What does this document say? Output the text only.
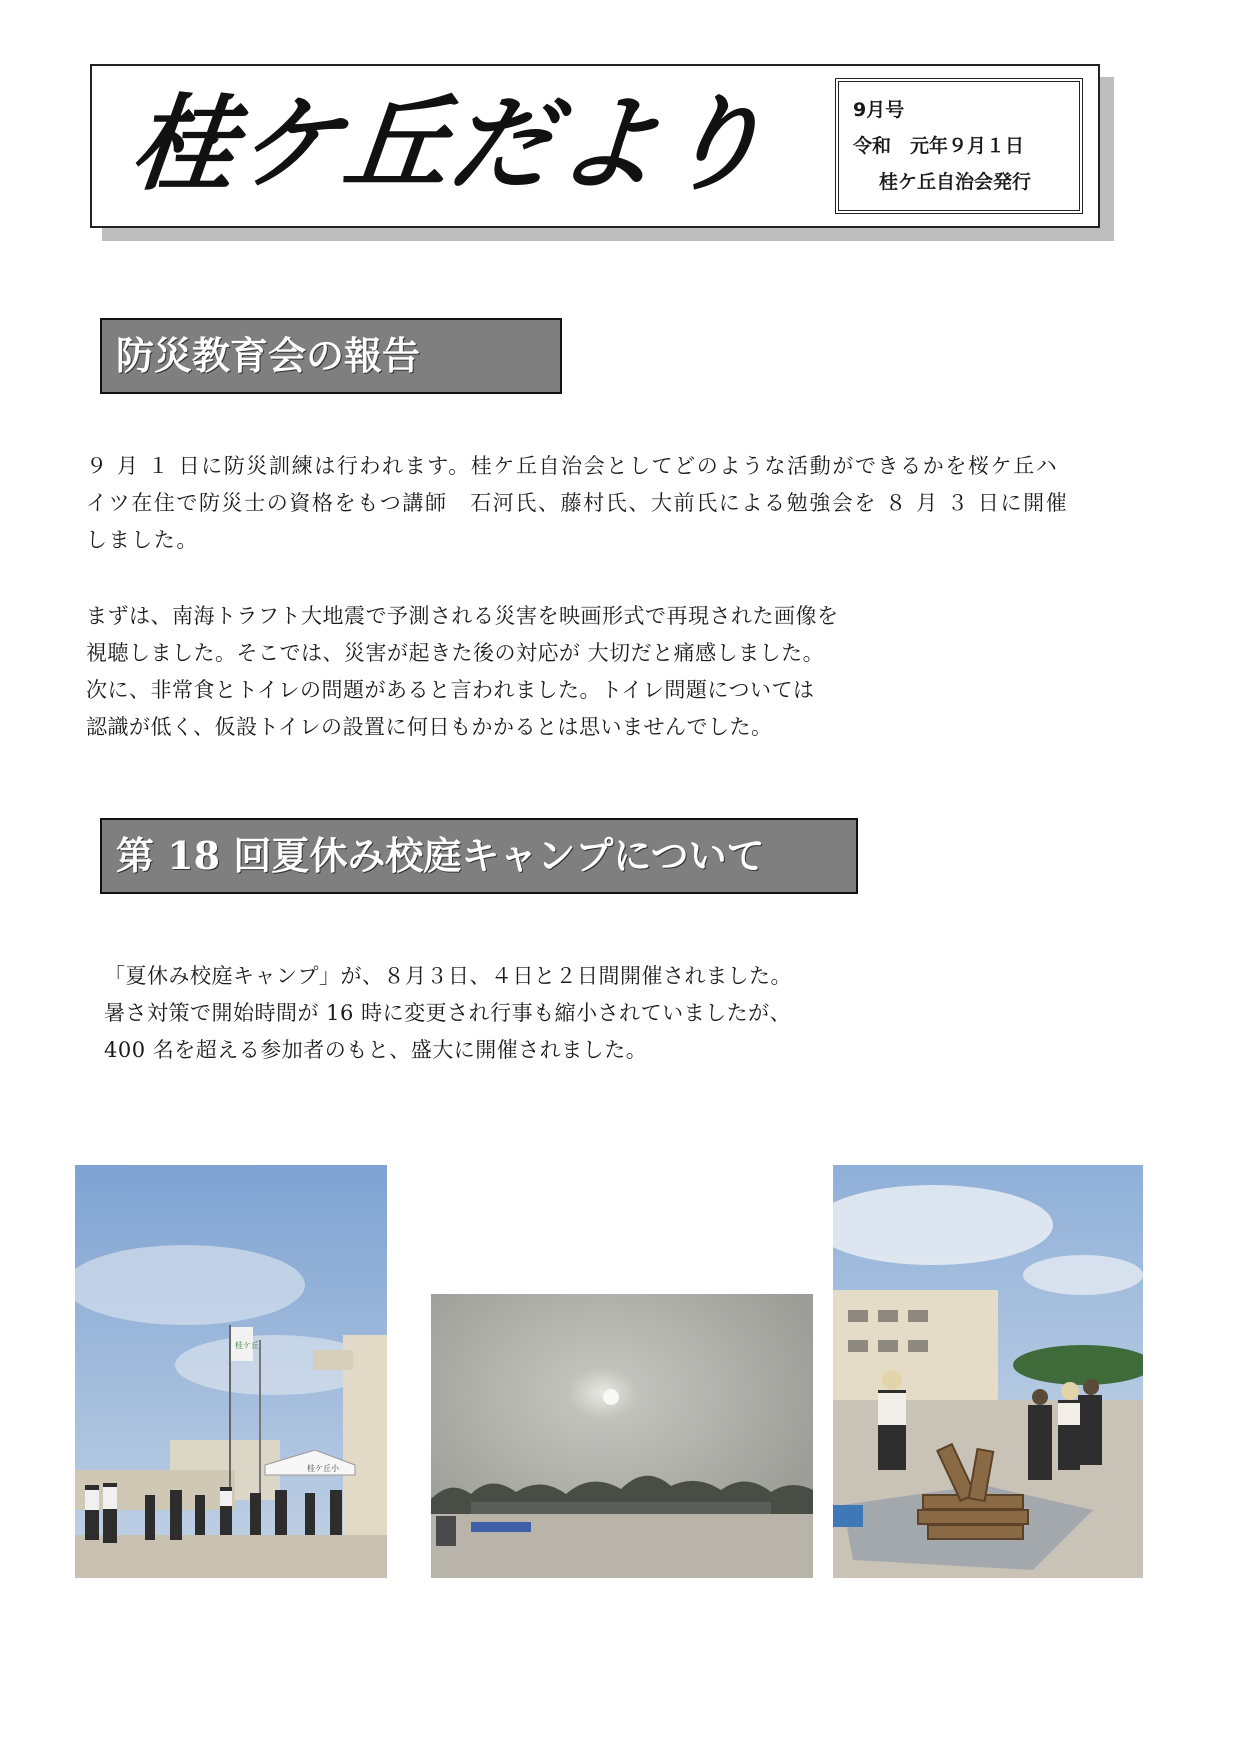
桂ケ丘だより	9月号
令和　元年９月１日
桂ケ丘自治会発行
防災教育会の報告
９ 月 １ 日に防災訓練は行われます。桂ケ丘自治会としてどのような活動ができるかを桜ケ丘ハ
イツ在住で防災士の資格をもつ講師　石河氏、藤村氏、大前氏による勉強会を ８ 月 ３ 日に開催
しました。
まずは、南海トラフト大地震で予測される災害を映画形式で再現された画像を
視聴しました。そこでは、災害が起きた後の対応が 大切だと痛感しました。
次に、非常食とトイレの問題があると言われました。トイレ問題については
認識が低く、仮設トイレの設置に何日もかかるとは思いませんでした。
第 18 回夏休み校庭キャンプについて
「夏休み校庭キャンプ」が、８月３日、４日と２日間開催されました。
暑さ対策で開始時間が 16 時に変更され行事も縮小されていましたが、
400 名を超える参加者のもと、盛大に開催されました。
桂ケ丘
桂ケ丘小
